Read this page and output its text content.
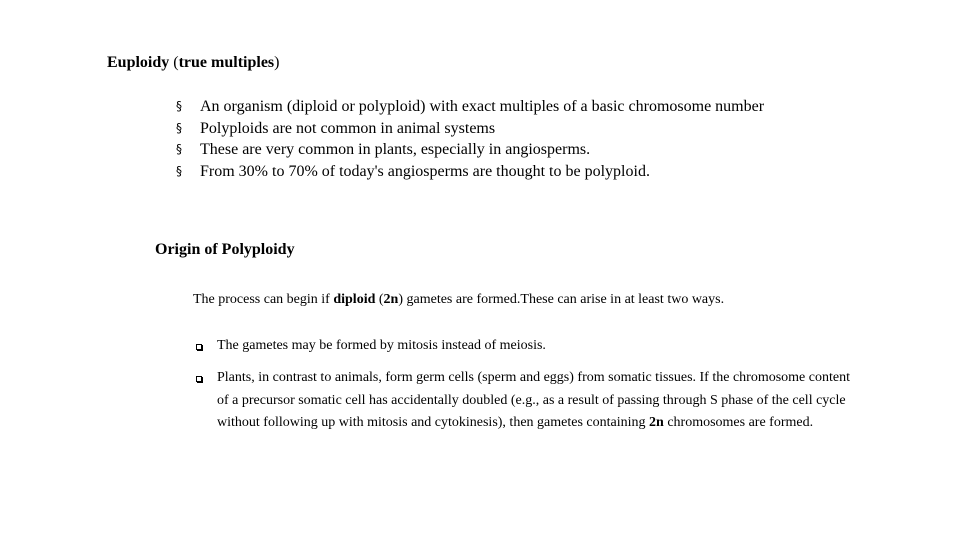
Euploidy (true multiples)
§ An organism (diploid or polyploid) with exact multiples of a basic chromosome number
§ Polyploids are not common in animal systems
§ These are very common in plants, especially in angiosperms.
§ From 30% to 70% of today's angiosperms are thought to be polyploid.
Origin of Polyploidy
The process can begin if diploid (2n) gametes are formed.These can arise in at least two ways.
The gametes may be formed by mitosis instead of meiosis.
Plants, in contrast to animals, form germ cells (sperm and eggs) from somatic tissues. If the chromosome content of a precursor somatic cell has accidentally doubled (e.g., as a result of passing through S phase of the cell cycle without following up with mitosis and cytokinesis), then gametes containing 2n chromosomes are formed.
